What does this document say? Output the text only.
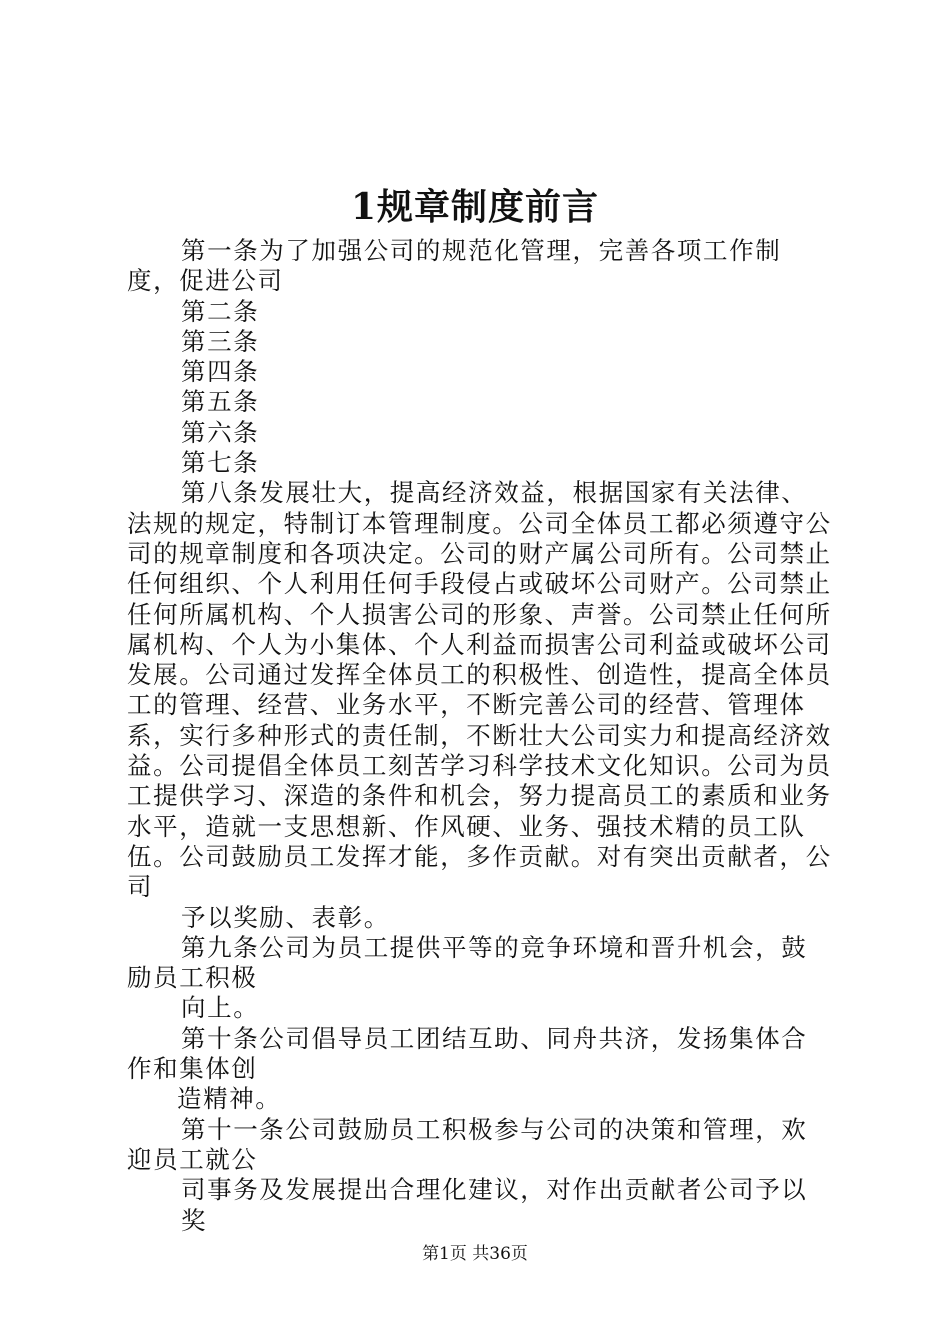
1规章制度前言

第一条为了加强公司的规范化管理，完善各项工作制度，促进公司

第二条

第三条

第四条

第五条

第六条

第七条

第八条发展壮大，提高经济效益，根据国家有关法律、法规的规定，特制订本管理制度。公司全体员工都必须遵守公司的规章制度和各项决定。公司的财产属公司所有。公司禁止任何组织、个人利用任何手段侵占或破坏公司财产。公司禁止任何所属机构、个人损害公司的形象、声誉。公司禁止任何所属机构、个人为小集体、个人利益而损害公司利益或破坏公司发展。公司通过发挥全体员工的积极性、创造性，提高全体员工的管理、经营、业务水平，不断完善公司的经营、管理体系，实行多种形式的责任制，不断壮大公司实力和提高经济效益。公司提倡全体员工刻苦学习科学技术文化知识。公司为员工提供学习、深造的条件和机会，努力提高员工的素质和业务水平，造就一支思想新、作风硬、业务、强技术精的员工队伍。公司鼓励员工发挥才能，多作贡献。对有突出贡献者，公司

予以奖励、表彰。

第九条公司为员工提供平等的竞争环境和晋升机会，鼓励员工积极

向上。

第十条公司倡导员工团结互助、同舟共济，发扬集体合作和集体创

造精神。

第十一条公司鼓励员工积极参与公司的决策和管理，欢迎员工就公

司事务及发展提出合理化建议，对作出贡献者公司予以奖

第1页 共36页
